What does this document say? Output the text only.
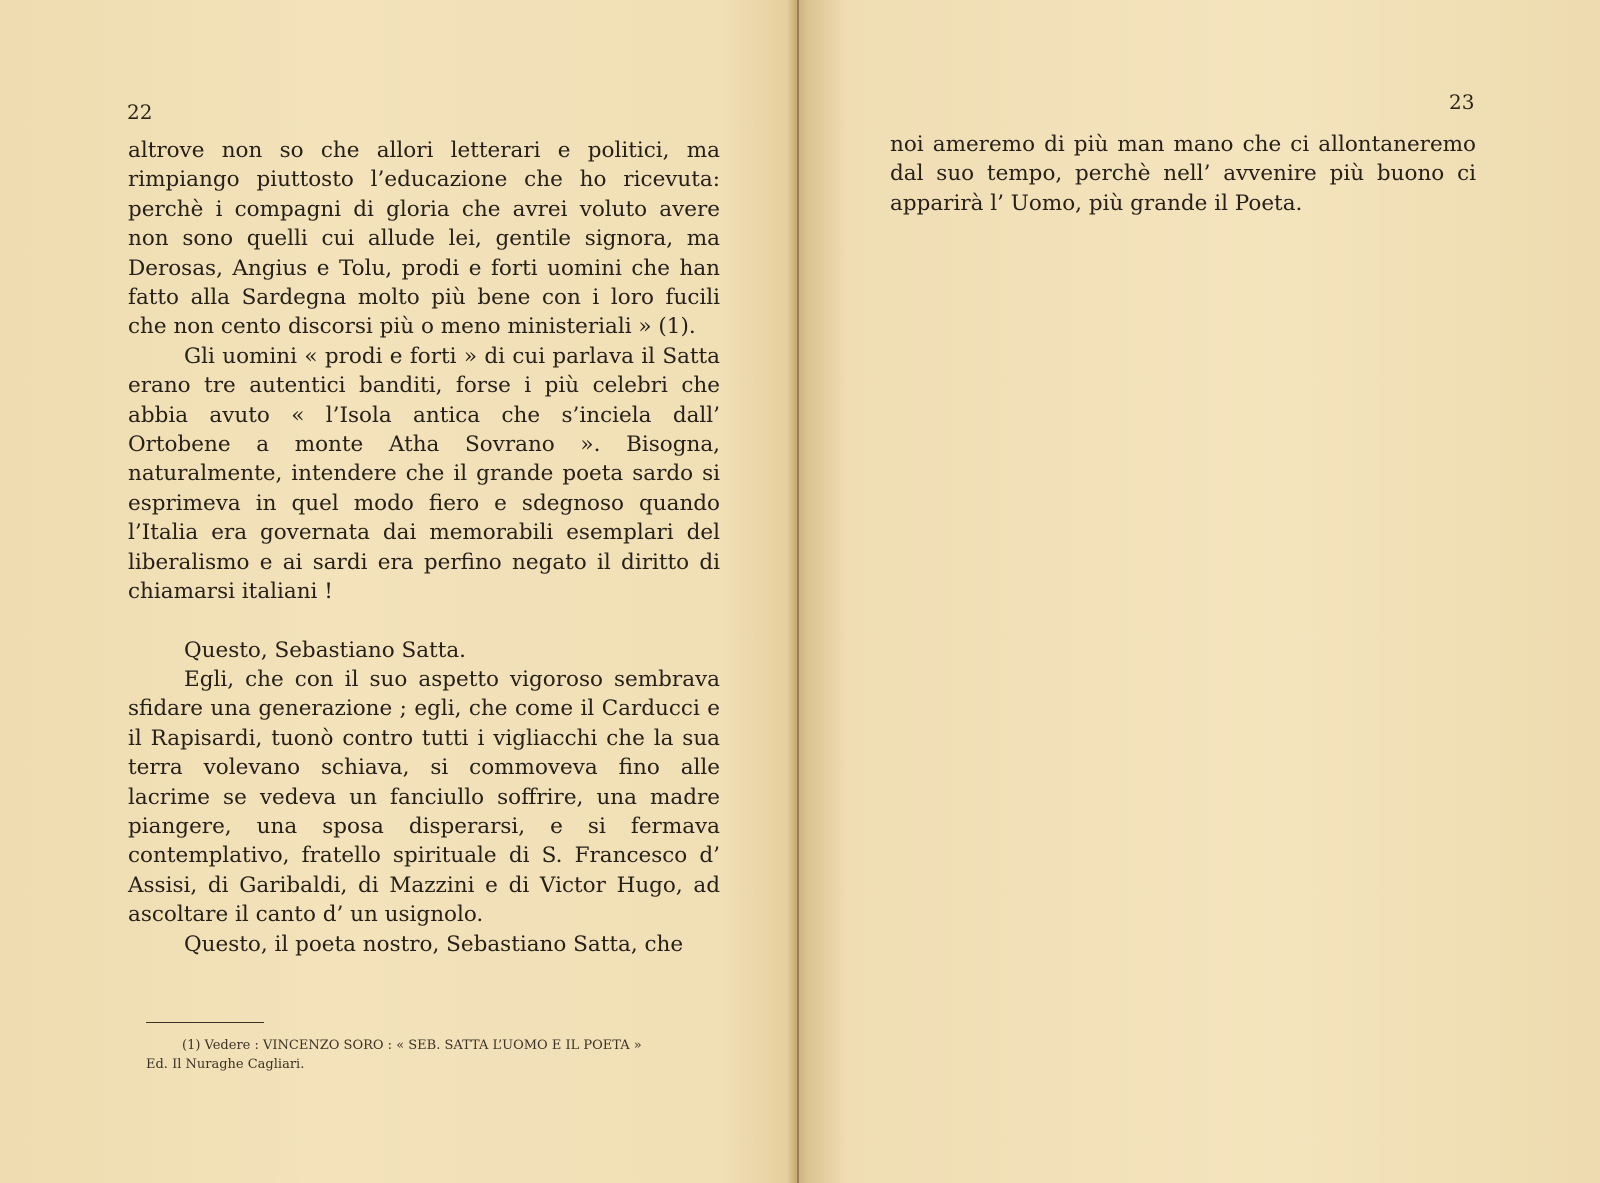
22

altrove non so che allori letterari e politici, ma rimpiango piuttosto l’educazione che ho ricevuta: perchè i compagni di gloria che avrei voluto avere non sono quelli cui allude lei, gentile signora, ma Derosas, Angius e Tolu, prodi e forti uomini che han fatto alla Sardegna molto più bene con i loro fucili che non cento discorsi più o meno ministeriali » (1).

Gli uomini « prodi e forti » di cui parlava il Satta erano tre autentici banditi, forse i più celebri che abbia avuto « l’Isola antica che s’inciela dall’ Ortobene a monte Atha Sovrano ». Bisogna, naturalmente, intendere che il grande poeta sardo si esprimeva in quel modo fiero e sdegnoso quando l’Italia era governata dai memorabili esemplari del liberalismo e ai sardi era perfino negato il diritto di chiamarsi italiani !

Questo, Sebastiano Satta.

Egli, che con il suo aspetto vigoroso sembrava sfidare una generazione ; egli, che come il Carducci e il Rapisardi, tuonò contro tutti i vigliacchi che la sua terra volevano schiava, si commoveva fino alle lacrime se vedeva un fanciullo soffrire, una madre piangere, una sposa disperarsi, e si fermava contemplativo, fratello spirituale di S. Francesco d’ Assisi, di Garibaldi, di Mazzini e di Victor Hugo, ad ascoltare il canto d’ un usignolo.

Questo, il poeta nostro, Sebastiano Satta, che

(1) Vedere : VINCENZO SORO : « SEB. SATTA L’UOMO E IL POETA »

Ed. Il Nuraghe Cagliari.

23

noi ameremo di più man mano che ci allontaneremo dal suo tempo, perchè nell’ avvenire più buono ci apparirà l’ Uomo, più grande il Poeta.
